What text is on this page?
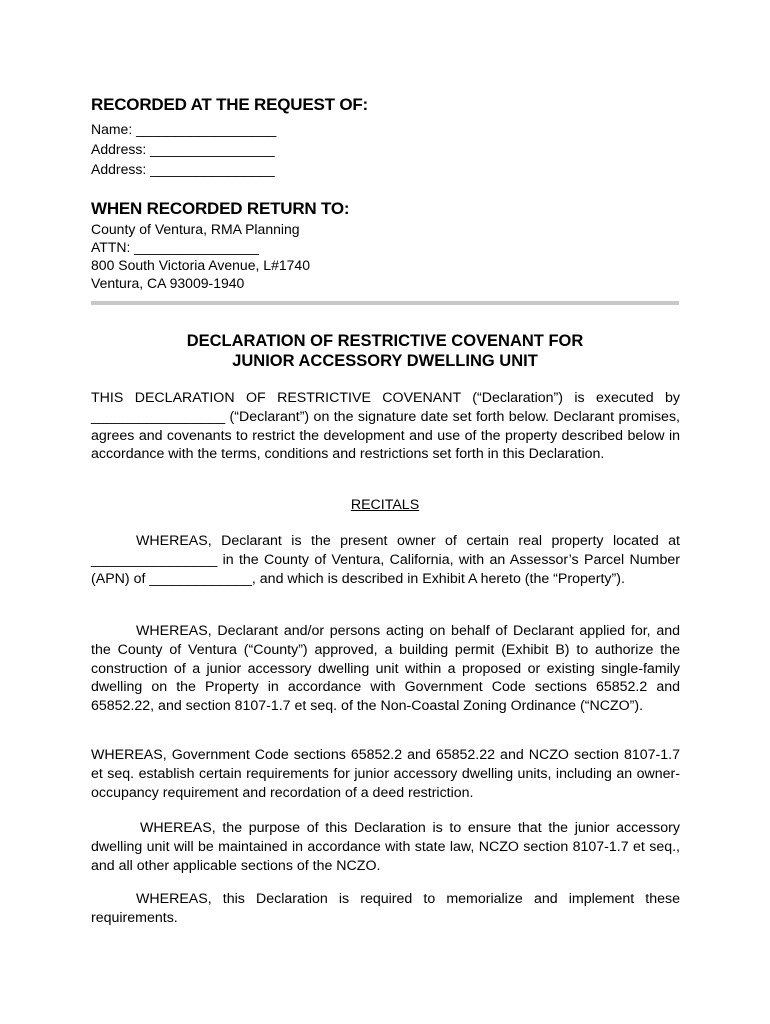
RECORDED AT THE REQUEST OF:

Name: __________________

Address: ________________

Address: ________________

WHEN RECORDED RETURN TO:

County of Ventura, RMA Planning

ATTN: ________________

800 South Victoria Avenue, L#1740

Ventura, CA 93009-1940

DECLARATION OF RESTRICTIVE COVENANT FOR
JUNIOR ACCESSORY DWELLING UNIT

THIS DECLARATION OF RESTRICTIVE COVENANT (“Declaration”) is executed by _________________ (“Declarant”) on the signature date set forth below. Declarant promises, agrees and covenants to restrict the development and use of the property described below in accordance with the terms, conditions and restrictions set forth in this Declaration.

RECITALS

WHEREAS, Declarant is the present owner of certain real property located at ________________ in the County of Ventura, California, with an Assessor’s Parcel Number (APN) of _____________, and which is described in Exhibit A hereto (the “Property”).

WHEREAS, Declarant and/or persons acting on behalf of Declarant applied for, and the County of Ventura (“County”) approved, a building permit (Exhibit B) to authorize the construction of a junior accessory dwelling unit within a proposed or existing single-family dwelling on the Property in accordance with Government Code sections 65852.2 and 65852.22, and section 8107-1.7 et seq. of the Non-Coastal Zoning Ordinance (“NCZO”).

WHEREAS, Government Code sections 65852.2 and 65852.22 and NCZO section 8107-1.7 et seq. establish certain requirements for junior accessory dwelling units, including an owner-occupancy requirement and recordation of a deed restriction.

WHEREAS, the purpose of this Declaration is to ensure that the junior accessory dwelling unit will be maintained in accordance with state law, NCZO section 8107-1.7 et seq., and all other applicable sections of the NCZO.

WHEREAS, this Declaration is required to memorialize and implement these requirements.
